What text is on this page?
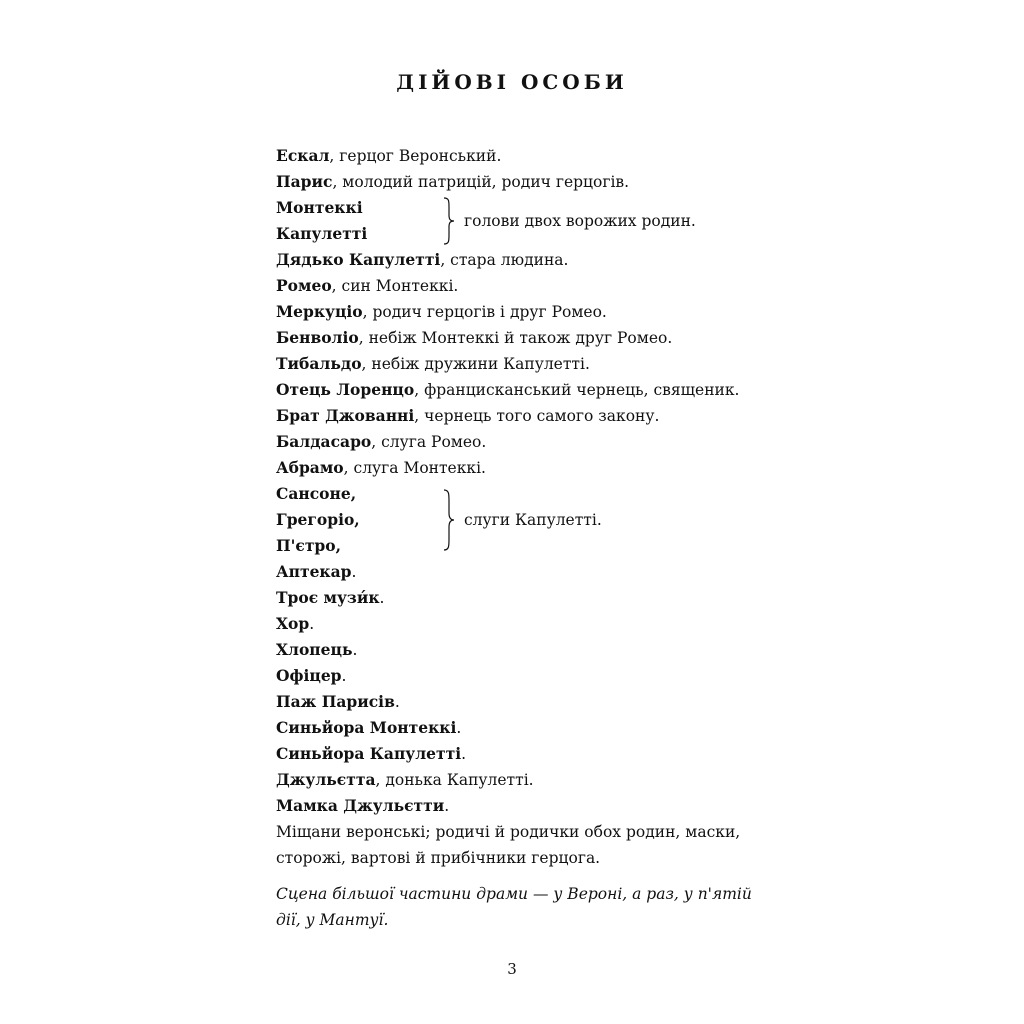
ДІЙОВІ ОСОБИ
Ескал, герцог Веронський.
Парис, молодий патрицій, родич герцогів.
Монтеккі
Капулетті
голови двох ворожих родин.
Дядько Капулетті, стара людина.
Ромео, син Монтеккі.
Меркуціо, родич герцогів і друг Ромео.
Бенволіо, небіж Монтеккі й також друг Ромео.
Тибальдо, небіж дружини Капулетті.
Отець Лоренцо, францисканський чернець, священик.
Брат Джованні, чернець того самого закону.
Балдасаро, слуга Ромео.
Абрамо, слуга Монтеккі.
Сансоне,
Грегоріо,
П'єтро,
слуги Капулетті.
Аптекар.
Троє музи́к.
Хор.
Хлопець.
Офіцер.
Паж Парисів.
Синьйора Монтеккі.
Синьйора Капулетті.
Джульєтта, донька Капулетті.
Мамка Джульєтти.
Міщани веронські; родичі й родички обох родин, маски,
сторожі, вартові й прибічники герцога.
Сцена більшої частини драми — у Вероні, а раз, у п'ятій
дії, у Мантуї.
3
